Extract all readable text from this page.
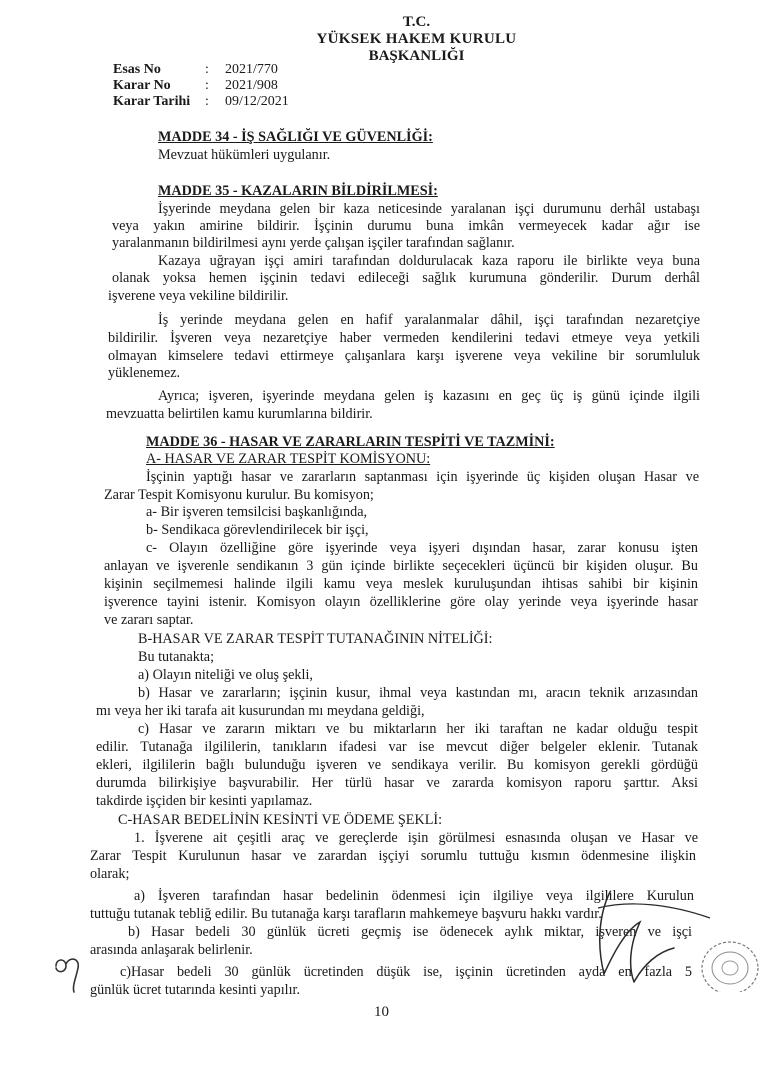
T.C.
YÜKSEK HAKEM KURULU
BAŞKANLIĞI
Esas No	: 2021/770
Karar No : 2021/908
Karar Tarihi : 09/12/2021
MADDE 34 - İŞ SAĞLIĞI VE GÜVENLİĞİ:
Mevzuat hükümleri uygulanır.
MADDE 35 - KAZALARIN BİLDİRİLMESİ:
İşyerinde meydana gelen bir kaza neticesinde yaralanan işçi durumunu derhâl ustabaşı
veya yakın amirine bildirir. İşçinin durumu buna imkân vermeyecek kadar ağır ise
yaralanmanın bildirilmesi aynı yerde çalışan işçiler tarafından sağlanır.
Kazaya uğrayan işçi amiri tarafından doldurulacak kaza raporu ile birlikte veya buna
olanak yoksa hemen işçinin tedavi edileceği sağlık kurumuna gönderilir. Durum derhâl
işverene veya vekiline bildirilir.
İş yerinde meydana gelen en hafif yaralanmalar dâhil, işçi tarafından nezaretçiye
bildirilir. İşveren veya nezaretçiye haber vermeden kendilerini tedavi etmeye veya yetkili
olmayan kimselere tedavi ettirmeye çalışanlara karşı işverene veya vekiline bir sorumluluk
yüklenemez.
Ayrıca; işveren, işyerinde meydana gelen iş kazasını en geç üç iş günü içinde ilgili
mevzuatta belirtilen kamu kurumlarına bildirir.
MADDE 36 - HASAR VE ZARARLARIN TESPİTİ VE TAZMİNİ:
A- HASAR VE ZARAR TESPİT KOMİSYONU:
İşçinin yaptığı hasar ve zararların saptanması için işyerinde üç kişiden oluşan Hasar ve
Zarar Tespit Komisyonu kurulur. Bu komisyon;
a- Bir işveren temsilcisi başkanlığında,
b- Sendikaca görevlendirilecek bir işçi,
c- Olayın özelliğine göre işyerinde veya işyeri dışından hasar, zarar konusu işten
anlayan ve işverenle sendikanın 3 gün içinde birlikte seçecekleri üçüncü bir kişiden oluşur. Bu
kişinin seçilmemesi halinde ilgili kamu veya meslek kuruluşundan ihtisas sahibi bir kişinin
işverence tayini istenir. Komisyon olayın özelliklerine göre olay yerinde veya işyerinde hasar
ve zararı saptar.
B-HASAR VE ZARAR TESPİT TUTANAĞININ NİTELİĞİ:
Bu tutanakta;
a) Olayın niteliği ve oluş şekli,
b) Hasar ve zararların; işçinin kusur, ihmal veya kastından mı, aracın teknik arızasından
mı veya her iki tarafa ait kusurundan mı meydana geldiği,
c) Hasar ve zararın miktarı ve bu miktarların her iki taraftan ne kadar olduğu tespit
edilir. Tutanağa ilgililerin, tanıkların ifadesi var ise mevcut diğer belgeler eklenir. Tutanak
ekleri, ilgililerin bağlı bulunduğu işveren ve sendikaya verilir. Bu komisyon gerekli gördüğü
durumda bilirkişiye başvurabilir. Her türlü hasar ve zararda komisyon raporu şarttır. Aksi
takdirde işçiden bir kesinti yapılamaz.
C-HASAR BEDELİNİN KESİNTİ VE ÖDEME ŞEKLİ:
1. İşverene ait çeşitli araç ve gereçlerde işin görülmesi esnasında oluşan ve Hasar ve
Zarar Tespit Kurulunun hasar ve zarardan işçiyi sorumlu tuttuğu kısmın ödenmesine ilişkin
olarak;
a) İşveren tarafından hasar bedelinin ödenmesi için ilgiliye veya ilgililere Kurulun
tuttuğu tutanak tebliğ edilir. Bu tutanağa karşı tarafların mahkemeye başvuru hakkı vardır.
b) Hasar bedeli 30 günlük ücreti geçmiş ise ödenecek aylık miktar, işveren ve işçi
arasında anlaşarak belirlenir.
c)Hasar bedeli 30 günlük ücretinden düşük ise, işçinin ücretinden ayda en fazla 5
günlük ücret tutarında kesinti yapılır.
10
